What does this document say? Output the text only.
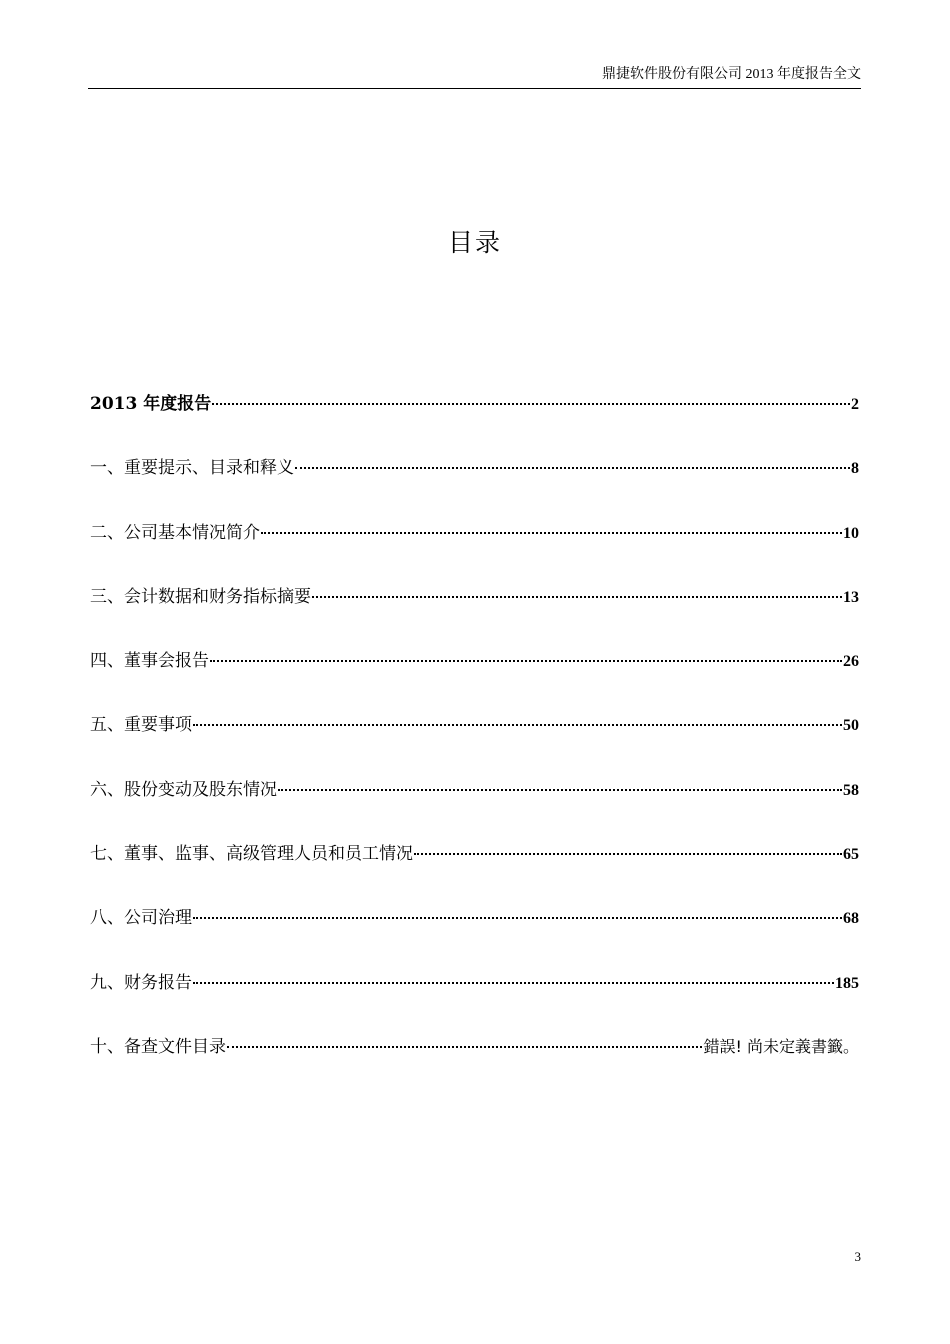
鼎捷软件股份有限公司 2013 年度报告全文
目录
2013 年度报告	2
一、重要提示、目录和释义	8
二、公司基本情况简介	10
三、会计数据和财务指标摘要	13
四、董事会报告	26
五、重要事项	50
六、股份变动及股东情况	58
七、董事、监事、高级管理人员和员工情况	65
八、公司治理	68
九、财务报告	185
十、备查文件目录	錯誤! 尚未定義書籤。
3
